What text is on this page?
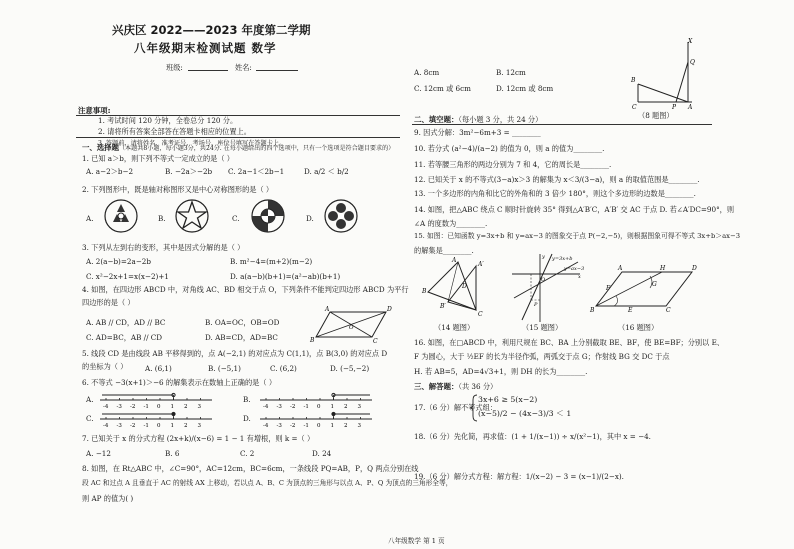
兴庆区 2022——2023 年度第二学期
八年级期末检测试题 数学
班级:	姓名:
注意事项:
1. 考试时间 120 分钟，全卷总分 120 分。
2. 请将所有答案全部答在答题卡相应的位置上。
3. 答题前，请将姓名、准考证号、考场号、座位号填写在答题卡上。
一、选择题（本题共8小题，每小题3分，共24分. 在每小题给出的四个选项中，只有一个选项是符合题目要求的）
1. 已知 a＞b，则下列不等式一定成立的是（ ）
A. a−2＞b−2	B. −2a＞−2b C. 2a−1＜2b−1	D. a/2 ＜ b/2
2. 下列图形中，既是轴对称图形又是中心对称图形的是（ ）
A.	B.	C.	D.
3. 下列从左到右的变形，其中是因式分解的是（ ）
A. 2(a−b)=2a−2b	B. m²−4=(m+2)(m−2)
C. x²−2x+1=x(x−2)+1	D. a(a−b)(b+1)=(a²−ab)(b+1)
4. 如图，在四边形 ABCD 中，对角线 AC、BD 相交于点 O，下列条件不能判定四边形 ABCD 为平行
四边形的是（ ）
A. AB // CD，AD // BC	B. OA=OC，OB=OD
C. AD=BC，AB // CD	D. AB=CD，AD=BC
A	D
B	C
O
5. 线段 CD 是由线段 AB 平移得到的，点 A(−2,1) 的对应点为 C(1,1)，点 B(3,0) 的对应点 D
的坐标为（ ） A. (6,1)	B. (−5,1)	C. (6,2)	D. (−5,−2)
6. 不等式 −3(x+1)＞−6 的解集表示在数轴上正确的是（ ）
A.	B.
C.	D.
-4 -3 -2 -1 0 1 2 3	-4 -3 -2 -1 0 1 2 3
-4 -3 -2 -1 0 1 2 3	-4 -3 -2 -1 0 1 2 3
7. 已知关于 x 的分式方程 (2x+k)/(x−6) = 1 − 1 有增根，则 k =（ ）
A. −12	B. 6	C. 2	D. 24
8. 如图，在 Rt△ABC 中，∠C=90°，AC=12cm，BC=6cm，一条线段 PQ=AB，P，Q 两点分别在线
段 AC 和过点 A 且垂直于 AC 的射线 AX 上移动，若以点 A、B、C 为顶点的三角形与以点 A、P、Q 为顶点的三角形全等，
则 AP 的值为( )
A. 8cm	B. 12cm
C. 12cm 或 6cm	D. 12cm 或 8cm
X
Q
B
C	P A
（8 题图）
二、填空题：（每小题 3 分，共 24 分）
9. 因式分解：3m²−6m+3 = ________
10. 若分式 (a²−4)/(a−2) 的值为 0，则 a 的值为________.
11. 若等腰三角形的两边分别为 7 和 4，它的周长是________.
12. 已知关于 x 的不等式(3−a)x＞3 的解集为 x＜3/(3−a)，则 a 的取值范围是________.
13. 一个多边形的内角和比它的外角和的 3 倍少 180°，则这个多边形的边数是________.
14. 如图，把△ABC 绕点 C 顺时针旋转 35° 得到△A′B′C，A′B′ 交 AC 于点 D. 若∠A′DC=90°，则
∠A 的度数为________.
15. 如图：已知函数 y=3x+b 和 y=ax−3 的图象交于点 P(−2,−5)，则根据图象可得不等式 3x+b＞ax−3
的解集是________.
A′
A
B
B′
C
D
y=3x+b
y=ax−3
x
y
P
O
A	H	D
B	E	C
F
G
（14 题图）	（15 题图）	（16 题图）
16. 如图，在□ABCD 中，利用尺规在 BC、BA 上分别截取 BE、BF，使 BE=BF；分别以 E、
F 为圆心，大于 ½EF 的长为半径作弧，两弧交于点 G；作射线 BG 交 DC 于点
H. 若 AB=5，AD=4√3+1，则 DH 的长为________.
三、解答题：（共 36 分）
17.（6 分）解不等式组：
3x+6 ≥ 5(x−2)
(x−5)/2 − (4x−3)/3 ＜ 1
18.（6 分）先化简，再求值：(1 + 1/(x−1)) ÷ x/(x²−1)，其中 x = −4.
19.（6 分）解分式方程：解方程：1/(x−2) − 3 = (x−1)/(2−x).
八年级数学 第 1 页
